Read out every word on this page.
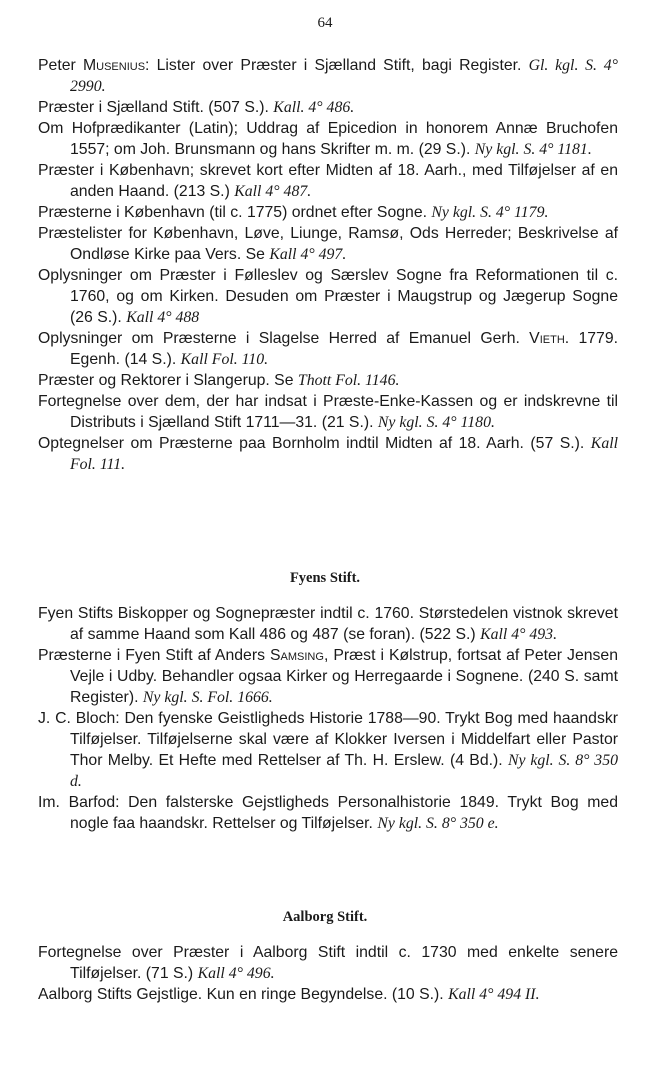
64

Peter Musenius: Lister over Præster i Sjælland Stift, bagi Register. Gl. kgl. S. 4° 2990.

Præster i Sjælland Stift. (507 S.). Kall. 4° 486.

Om Hofprædikanter (Latin); Uddrag af Epicedion in honorem Annæ Bruchofen 1557; om Joh. Brunsmann og hans Skrifter m. m. (29 S.). Ny kgl. S. 4° 1181.

Præster i København; skrevet kort efter Midten af 18. Aarh., med Tilføjelser af en anden Haand. (213 S.) Kall 4° 487.

Præsterne i København (til c. 1775) ordnet efter Sogne. Ny kgl. S. 4° 1179.

Præstelister for København, Løve, Liunge, Ramsø, Ods Herreder; Beskrivelse af Ondløse Kirke paa Vers. Se Kall 4° 497.

Oplysninger om Præster i Følleslev og Særslev Sogne fra Reformationen til c. 1760, og om Kirken. Desuden om Præster i Maugstrup og Jægerup Sogne (26 S.). Kall 4° 488

Oplysninger om Præsterne i Slagelse Herred af Emanuel Gerh. Vieth. 1779. Egenh. (14 S.). Kall Fol. 110.

Præster og Rektorer i Slangerup. Se Thott Fol. 1146.

Fortegnelse over dem, der har indsat i Præste-Enke-Kassen og er indskrevne til Distributs i Sjælland Stift 1711—31. (21 S.). Ny kgl. S. 4° 1180.

Optegnelser om Præsterne paa Bornholm indtil Midten af 18. Aarh. (57 S.). Kall Fol. 111.

Fyens Stift.

Fyen Stifts Biskopper og Sognepræster indtil c. 1760. Størstedelen vistnok skrevet af samme Haand som Kall 486 og 487 (se foran). (522 S.) Kall 4° 493.

Præsterne i Fyen Stift af Anders Samsing, Præst i Kølstrup, fortsat af Peter Jensen Vejle i Udby. Behandler ogsaa Kirker og Herregaarde i Sognene. (240 S. samt Register). Ny kgl. S. Fol. 1666.

J. C. Bloch: Den fyenske Geistligheds Historie 1788—90. Trykt Bog med haandskr Tilføjelser. Tilføjelserne skal være af Klokker Iversen i Middelfart eller Pastor Thor Melby. Et Hefte med Rettelser af Th. H. Erslew. (4 Bd.). Ny kgl. S. 8° 350 d.

Im. Barfod: Den falsterske Gejstligheds Personalhistorie 1849. Trykt Bog med nogle faa haandskr. Rettelser og Tilføjelser. Ny kgl. S. 8° 350 e.

Aalborg Stift.

Fortegnelse over Præster i Aalborg Stift indtil c. 1730 med enkelte senere Tilføjelser. (71 S.) Kall 4° 496.

Aalborg Stifts Gejstlige. Kun en ringe Begyndelse. (10 S.). Kall 4° 494 II.
